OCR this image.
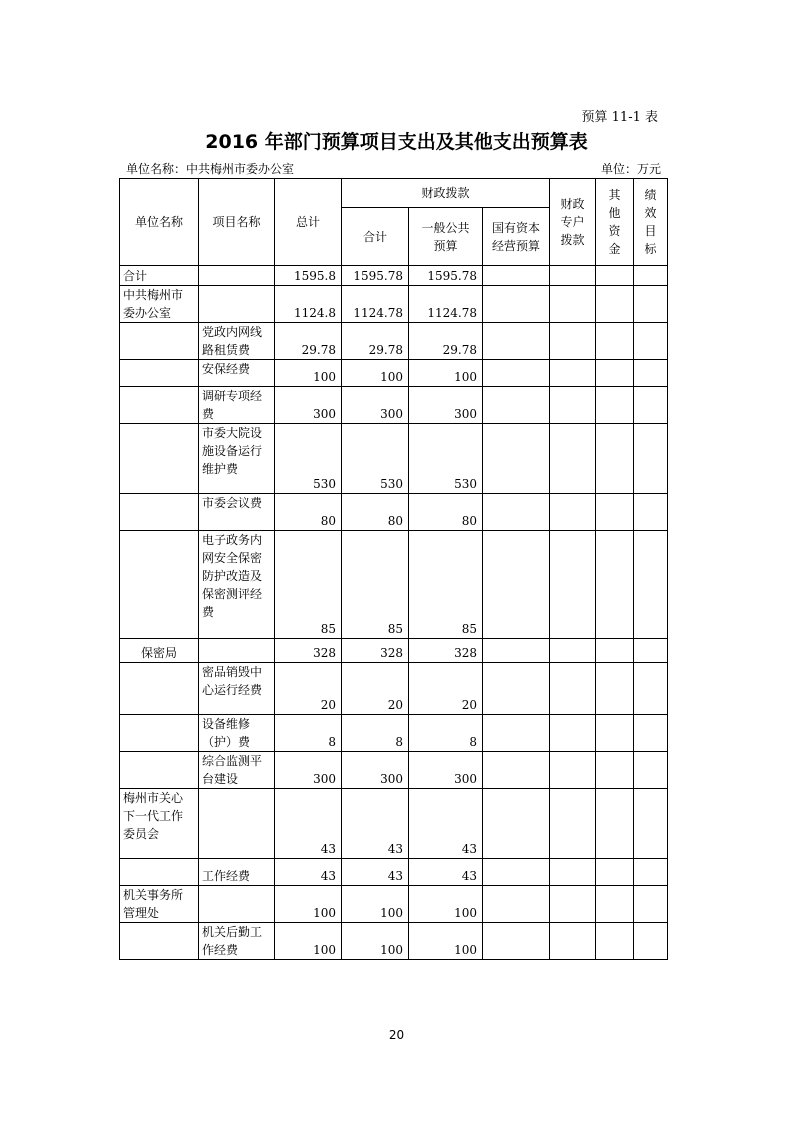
预算 11-1 表
2016 年部门预算项目支出及其他支出预算表
单位名称：中共梅州市委办公室	单位：万元
单位名称	项目名称	总计	财政拨款			财政专户拨款	其他资金	绩效目标

			合计	一般公共预算	国有资本经营预算			

合计		1595.8	1595.78	1595.78				

中共梅州市委办公室		1124.8	1124.78	1124.78				

	党政内网线路租赁费	29.78	29.78	29.78				

	安保经费	100	100	100				

	调研专项经费	300	300	300				

	市委大院设施设备运行维护费	530	530	530				

	市委会议费	80	80	80				

	电子政务内网安全保密防护改造及保密测评经费	85	85	85				
保密局		328	328	328				

	密品销毁中心运行经费	20	20	20				

	设备维修（护）费	8	8	8				

	综合监测平台建设	300	300	300				

梅州市关心下一代工作委员会		43	43	43				

	工作经费	43	43	43				

机关事务所管理处		100	100	100				

	机关后勤工作经费	100	100	100				
20
